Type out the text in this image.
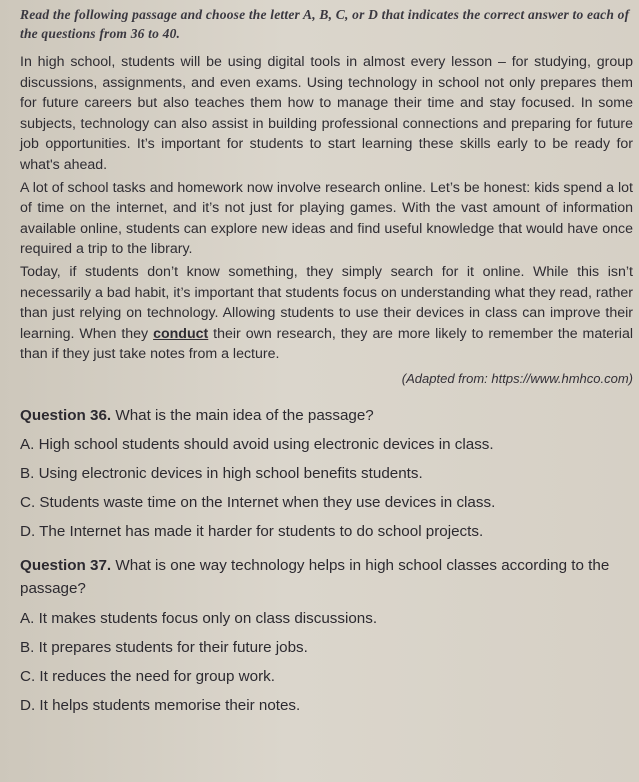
Read the following passage and choose the letter A, B, C, or D that indicates the correct answer to each of the questions from 36 to 40.

In high school, students will be using digital tools in almost every lesson – for studying, group discussions, assignments, and even exams. Using technology in school not only prepares them for future careers but also teaches them how to manage their time and stay focused. In some subjects, technology can also assist in building professional connections and preparing for future job opportunities. It’s important for students to start learning these skills early to be ready for what's ahead.

A lot of school tasks and homework now involve research online. Let’s be honest: kids spend a lot of time on the internet, and it’s not just for playing games. With the vast amount of information available online, students can explore new ideas and find useful knowledge that would have once required a trip to the library.

Today, if students don’t know something, they simply search for it online. While this isn’t necessarily a bad habit, it’s important that students focus on understanding what they read, rather than just relying on technology. Allowing students to use their devices in class can improve their learning. When they conduct their own research, they are more likely to remember the material than if they just take notes from a lecture.

(Adapted from: https://www.hmhco.com)

Question 36. What is the main idea of the passage?

A. High school students should avoid using electronic devices in class.
B. Using electronic devices in high school benefits students.
C. Students waste time on the Internet when they use devices in class.
D. The Internet has made it harder for students to do school projects.

Question 37. What is one way technology helps in high school classes according to the passage?

A. It makes students focus only on class discussions.
B. It prepares students for their future jobs.
C. It reduces the need for group work.
D. It helps students memorise their notes.
